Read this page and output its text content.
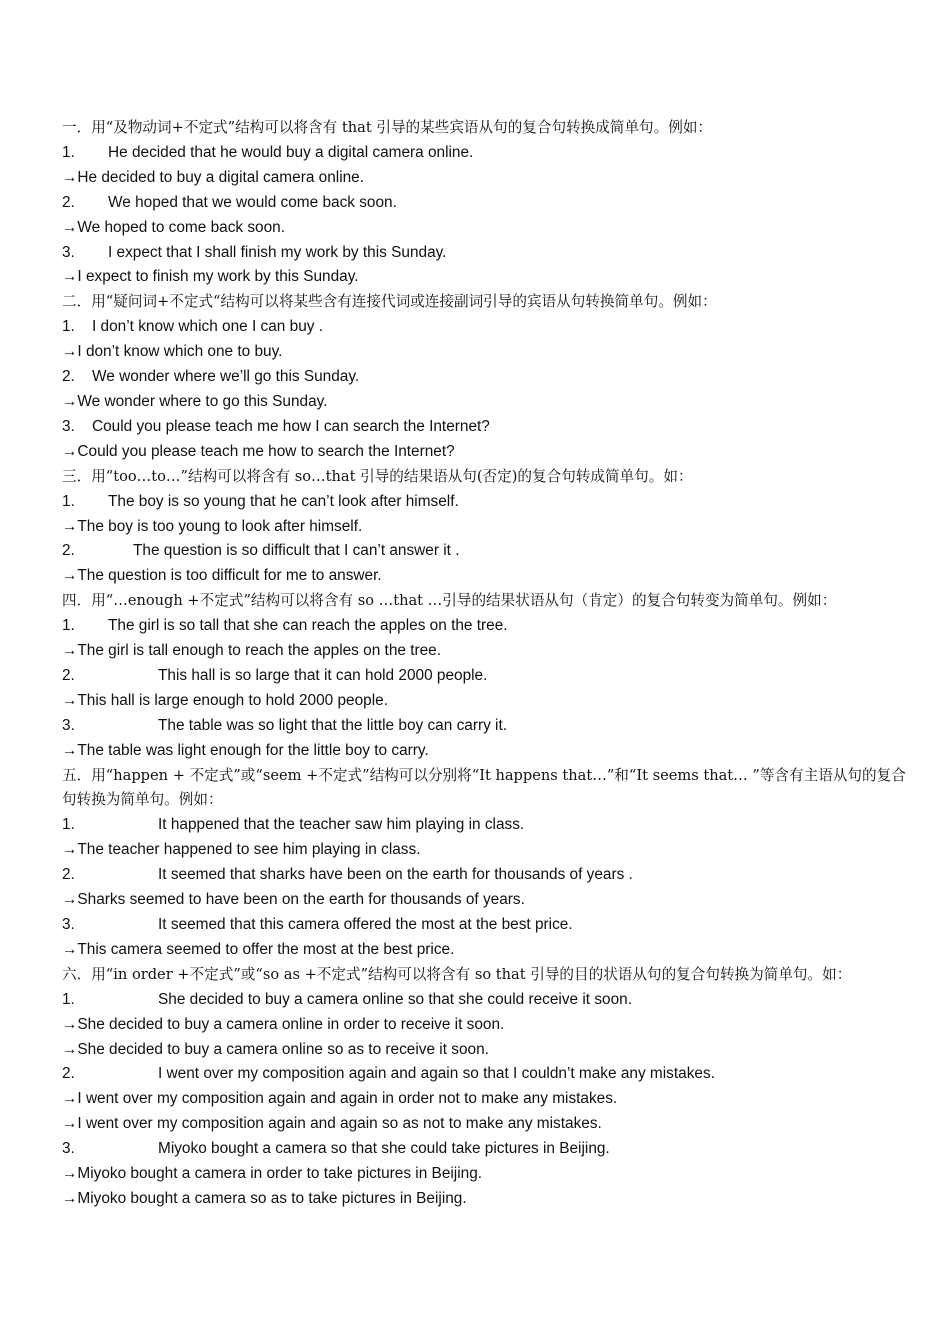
一．用“及物动词+不定式”结构可以将含有 that 引导的某些宾语从句的复合句转换成简单句。例如：
1. He decided that he would buy a digital camera online.
→He decided to buy a digital camera online.
2. We hoped that we would come back soon.
→We hoped to come back soon.
3. I expect that I shall finish my work by this Sunday.
→I expect to finish my work by this Sunday.
二．用“疑问词+不定式“结构可以将某些含有连接代词或连接副词引导的宾语从句转换简单句。例如：
1. I don’t know which one I can buy .
→I don’t know which one to buy.
2. We wonder where we’ll go this Sunday.
→We wonder where to go this Sunday.
3. Could you please teach me how I can search the Internet?
→Could you please teach me how to search the Internet?
三．用“too…to…”结构可以将含有 so…that 引导的结果语从句(否定)的复合句转成简单句。如：
1. The boy is so young that he can’t look after himself.
→The boy is too young to look after himself.
2.	The question is so difficult that I can’t answer it .
→The question is too difficult for me to answer.
四．用“…enough +不定式”结构可以将含有 so …that …引导的结果状语从句（肯定）的复合句转变为简单句。例如：
1. The girl is so tall that she can reach the apples on the tree.
→The girl is tall enough to reach the apples on the tree.
2.	This hall is so large that it can hold 2000 people.
→This hall is large enough to hold 2000 people.
3.	The table was so light that the little boy can carry it.
→The table was light enough for the little boy to carry.
五．用“happen + 不定式”或“seem +不定式”结构可以分别将“It happens that…”和“It seems that… ”等含有主语从句的复合句转换为简单句。例如：
1.	It happened that the teacher saw him playing in class.
→The teacher happened to see him playing in class.
2.	It seemed that sharks have been on the earth for thousands of years .
→Sharks seemed to have been on the earth for thousands of years.
3.	It seemed that this camera offered the most at the best price.
→This camera seemed to offer the most at the best price.
六．用“in order +不定式”或“so as +不定式”结构可以将含有 so that 引导的目的状语从句的复合句转换为简单句。如：
1.	She decided to buy a camera online so that she could receive it soon.
→She decided to buy a camera online in order to receive it soon.
→She decided to buy a camera online so as to receive it soon.
2.	I went over my composition again and again so that I couldn’t make any mistakes.
→I went over my composition again and again in order not to make any mistakes.
→I went over my composition again and again so as not to make any mistakes.
3.	Miyoko bought a camera so that she could take pictures in Beijing.
→Miyoko bought a camera in order to take pictures in Beijing.
→Miyoko bought a camera so as to take pictures in Beijing.
